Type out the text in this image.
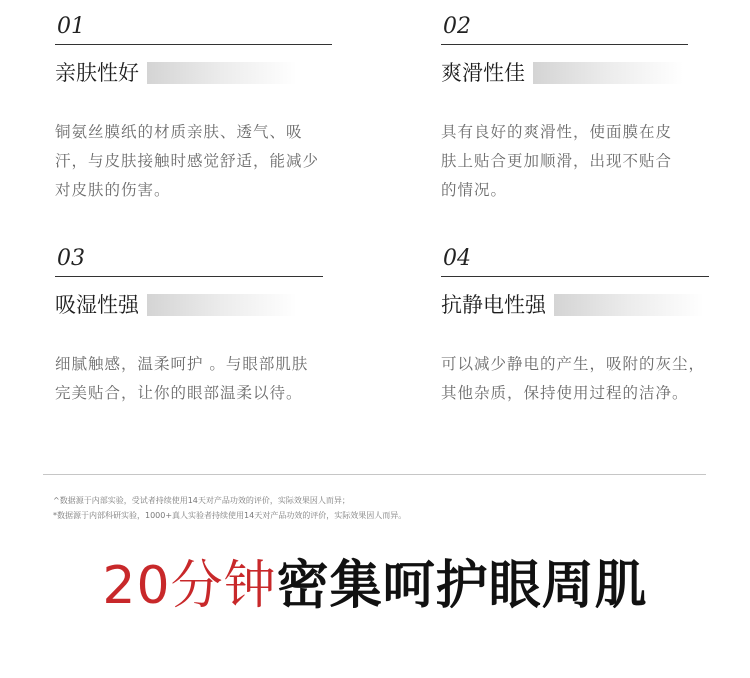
01
亲肤性好
铜氨丝膜纸的材质亲肤、透气、吸
汗，与皮肤接触时感觉舒适，能减少
对皮肤的伤害。
02
爽滑性佳
具有良好的爽滑性，使面膜在皮
肤上贴合更加顺滑，出现不贴合
的情况。
03
吸湿性强
细腻触感，温柔呵护 。与眼部肌肤
完美贴合，让你的眼部温柔以待。
04
抗静电性强
可以减少静电的产生，吸附的灰尘，
其他杂质，保持使用过程的洁净。
^数据源于内部实验，受试者持续使用14天对产品功效的评价，实际效果因人而异；
*数据源于内部科研实验，1000+真人实验者持续使用14天对产品功效的评价，实际效果因人而异。
20分钟密集呵护眼周肌
